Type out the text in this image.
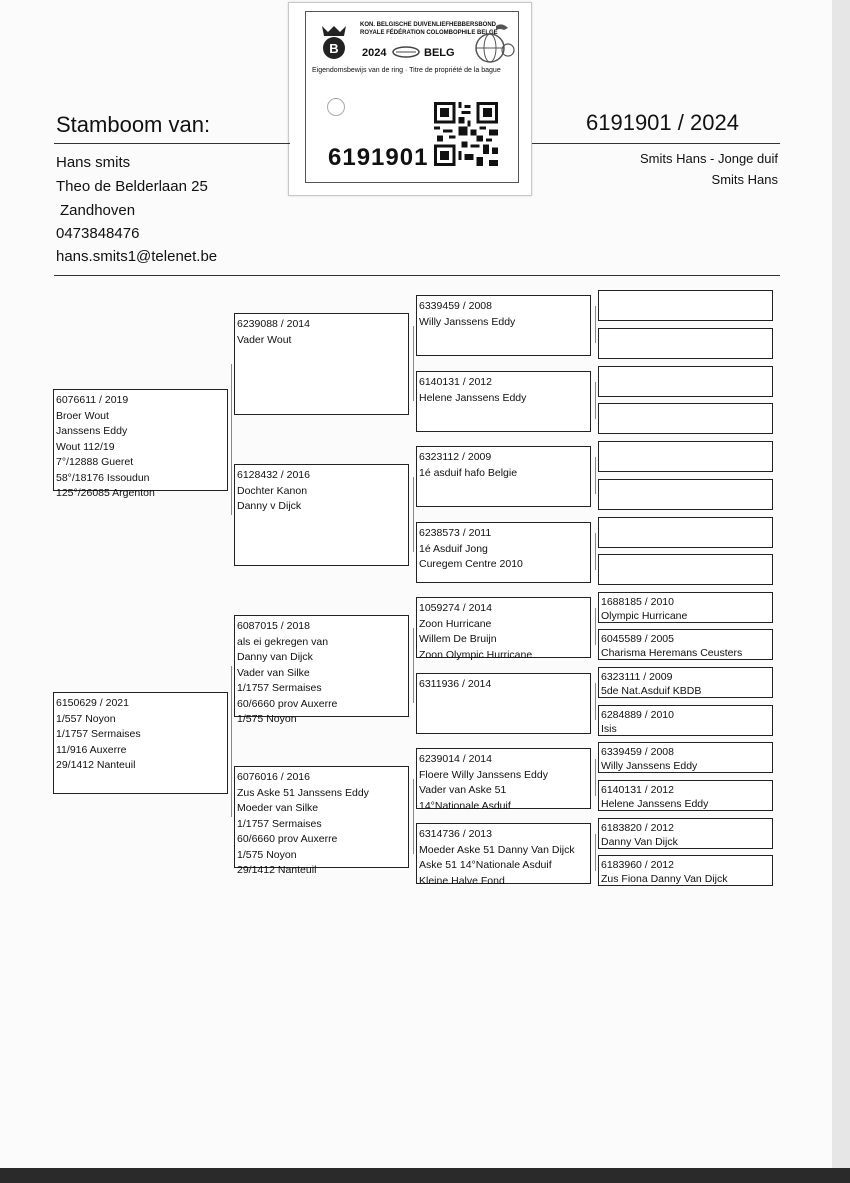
B
KON. BELGISCHE DUIVENLIEFHEBBERSBOND
ROYALE FÉDÉRATION COLOMBOPHILE BELGE
2024	BELG
Eigendomsbewijs van de ring · Titre de propriété de la bague
6191901
Stamboom van:	6191901 / 2024
Hans smits
Theo de Belderlaan 25
Zandhoven
0473848476
hans.smits1@telenet.be
Smits Hans - Jonge duif
Smits Hans
6076611 / 2019
Broer Wout
Janssens Eddy
Wout 112/19
7°/12888 Gueret
58°/18176 Issoudun
125°/26085 Argenton
6150629 / 2021
1/557 Noyon
1/1757 Sermaises
11/916 Auxerre
29/1412 Nanteuil
6239088 / 2014
Vader Wout
6128432 / 2016
Dochter Kanon
Danny v Dijck
6087015 / 2018
als ei gekregen van
Danny van Dijck
Vader van Silke
1/1757 Sermaises
60/6660 prov Auxerre
1/575 Noyon
6076016 / 2016
Zus Aske 51 Janssens Eddy
Moeder van Silke
1/1757 Sermaises
60/6660 prov Auxerre
1/575 Noyon
29/1412 Nanteuil
6339459 / 2008
Willy Janssens Eddy
6140131 / 2012
Helene Janssens Eddy
6323112 / 2009
1é asduif hafo Belgie
6238573 / 2011
1é Asduif Jong
Curegem Centre 2010
1059274 / 2014
Zoon Hurricane
Willem De Bruijn
Zoon Olympic Hurricane
6311936 / 2014
6239014 / 2014
Floere Willy Janssens Eddy
Vader van Aske 51
14°Nationale Asduif
6314736 / 2013
Moeder Aske 51 Danny Van Dijck
Aske 51 14°Nationale Asduif
Kleine Halve Fond
1688185 / 2010
Olympic Hurricane
6045589 / 2005
Charisma Heremans Ceusters
6323111 / 2009
5de Nat.Asduif KBDB
6284889 / 2010
Isis
6339459 / 2008
Willy Janssens Eddy
6140131 / 2012
Helene Janssens Eddy
6183820 / 2012
Danny Van Dijck
6183960 / 2012
Zus Fiona Danny Van Dijck
